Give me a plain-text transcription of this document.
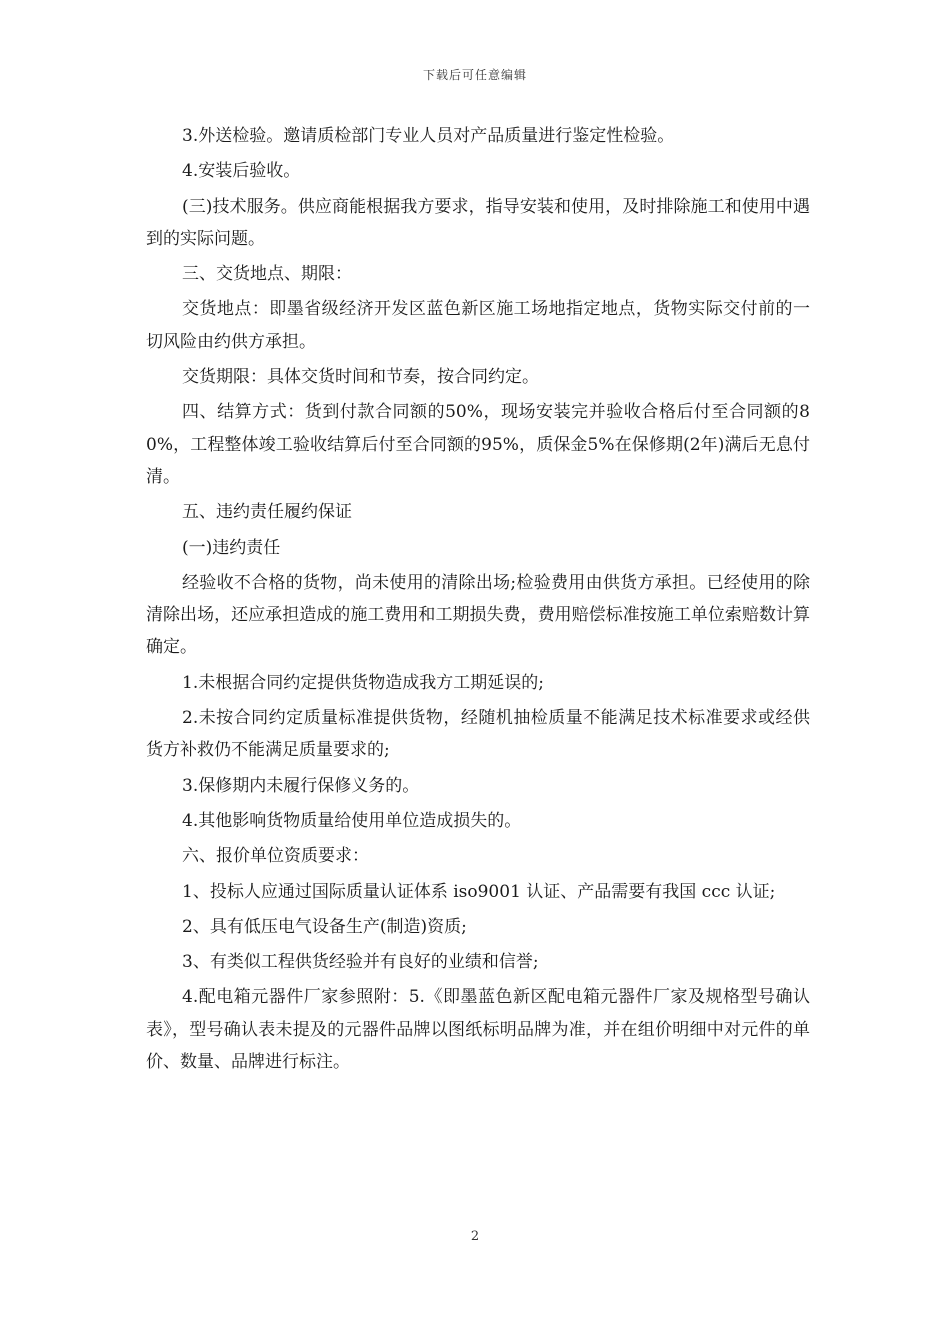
下载后可任意编辑

3.外送检验。邀请质检部门专业人员对产品质量进行鉴定性检验。

4.安装后验收。

(三)技术服务。供应商能根据我方要求，指导安装和使用，及时排除施工和使用中遇到的实际问题。

三、交货地点、期限：

交货地点：即墨省级经济开发区蓝色新区施工场地指定地点，货物实际交付前的一切风险由约供方承担。

交货期限：具体交货时间和节奏，按合同约定。

四、结算方式：货到付款合同额的50%，现场安装完并验收合格后付至合同额的80%，工程整体竣工验收结算后付至合同额的95%，质保金5%在保修期(2年)满后无息付清。

五、违约责任履约保证

(一)违约责任

经验收不合格的货物，尚未使用的清除出场;检验费用由供货方承担。已经使用的除清除出场，还应承担造成的施工费用和工期损失费，费用赔偿标准按施工单位索赔数计算确定。

1.未根据合同约定提供货物造成我方工期延误的;

2.未按合同约定质量标准提供货物，经随机抽检质量不能满足技术标准要求或经供货方补救仍不能满足质量要求的;

3.保修期内未履行保修义务的。

4.其他影响货物质量给使用单位造成损失的。

六、报价单位资质要求：

1、投标人应通过国际质量认证体系 iso9001 认证、产品需要有我国 ccc 认证;

2、具有低压电气设备生产(制造)资质;

3、有类似工程供货经验并有良好的业绩和信誉;

4.配电箱元器件厂家参照附：5.《即墨蓝色新区配电箱元器件厂家及规格型号确认表》，型号确认表未提及的元器件品牌以图纸标明品牌为准，并在组价明细中对元件的单价、数量、品牌进行标注。

2
